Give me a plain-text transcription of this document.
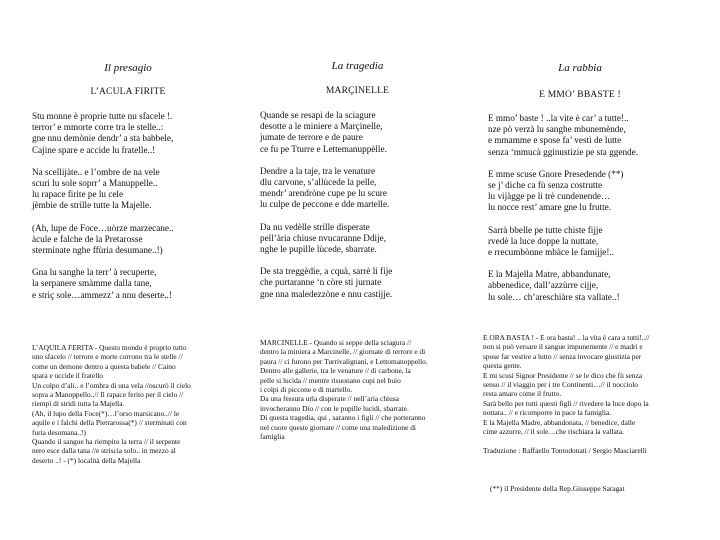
Il presagio
L’ACULA FIRITE
Stu monne è proprie tutte nu sfacele !.
terror’ e mmorte corre tra le stelle..:
gne nnu demònie dendr’ a sta babbele,
Cajine spare e accide lu fratelle..!
Na scellijàte.. e l’ombre de na vele
scuri lu sole soprr’ a Manuppelle..
lu rapace firite pe lu cele
jèmbie de strille tutte la Majelle.
(Ah, lupe de Foce…uòrze marzecane..
àcule e falche de la Pretarosse
sterminate nghe ffùria desumane..!)
Gna lu sanghe la terr’ à recuperte,
la serpanere smàmme dalla tane,
e striç sole…ammezz’ a nnu deserte..!
L’AQUILA FERITA - Questo mondo è proprio tutto
uno sfacelo // terrore e morte corrono tra le stelle //
come un demone dentro a questa babele // Caino
spara e uccide il fratello
Un colpo d’ali.. e l’ombra di una vela //oscurò il cielo
sopra a Manoppello..// Il rapace ferito per il cielo //
riempì di stridi tutta la Majella.
(Ah, il lupo della Foce(*)…l’orso marsicano..// le
aquile e i falchi della Pietrarossa(*) // sterminati con
furia desumana..!)
Quando il sangue ha riempito la terra // il serpente
nero esce dalla tana //e striscia solo.. in mezzo al
deserto ..! - (*) località della Majella
La tragedia
MARÇINELLE
Quande se resapi de la sciagure
desotte a le miniere a Marçinelle,
jumate de terrore e de paure
ce fu pe Tturre e Lettemanuppèlle.
Dendre a la taje, tra le venature
dlu carvone, s’allùcede la pelle,
mendr’ arendròne cupe pe lu scure
lu culpe de peccone e dde martelle.
Da nu vedèlle strille disperate
pell’ària chiuse nvucaranne Ddije,
nghe le pupille lùcede, sbarrate.
De sta treggèdie, a cquà, sarrè li fije
che purtaranne ‘n còre sti jurnate
gne nna maledezzòne e nnu castijje.
MARCINELLE - Quando si seppe della sciagura //
dentro la miniera a Marcinelle, // giornate di terrore e di
paura // ci furono per Turrivalignani, e Lettomanoppello.
Dentro alle gallerie, tra le venature // di carbone, la
pelle si lucida // mentre risuonano cupi nel buio
i colpi di piccone e di martello.
Da una fessura urla disperate // nell’aria chiusa
invocheranno Dio // con le pupille lucidi, sbarrate.
Di questa tragedia, qui , saranno i figli // che porteranno
nel cuore queste giornate // come una maledizione di
famiglia
La rabbia
E MMO’ BBASTE !
E mmo’ baste ! ..la vite è car’ a tutte!..
nze pò verzà lu sanghe mbunemènde,
e mmamme e spose fa’ vestì de lutte
senza ‘mmucà gginustizie pe sta ggende.
E mme scuse Gnore Presedende (**)
se j’ diche ca fù senza costrutte
lu vijàgge pe li trè cundenende…
lu nocce rest’ amare gne lu frutte.
Sarrà bbelle pe tutte chiste fijje
rvedè la luce doppe la nuttate,
e rrecumbònne mbàce le famijje!..
E la Majella Matre, abbandunate,
abbenedice, dall’azzùrre cijje,
lu sole… ch’areschiàre sta vallate..!
E ORA BASTA ! - E ora basta! .. la vita è cara a tutti!..//
non si può versare il sangue impunemente // e madri e
spose far vestire a lutto // senza invocare giustizia per
questa gente.
E mi scusi Signor Presidente // se le dico che fù senza
senso // il viaggio per i tre Continenti…// il nocciolo
resta amaro come il frutto.
Sarà bello per tutti questi figli // rivedere la luce dopo la
nottata.. // e ricomporre in pace la famiglia.
E la Majella Madre, abbandonata, // benedice, dalle
cime azzurre, // il sole…che rischiara la vallata.
Traduzione : Raffaello Tontodonati / Sergio Masciarelli
(**) il Presidente della Rep.Giuseppe Saragat
